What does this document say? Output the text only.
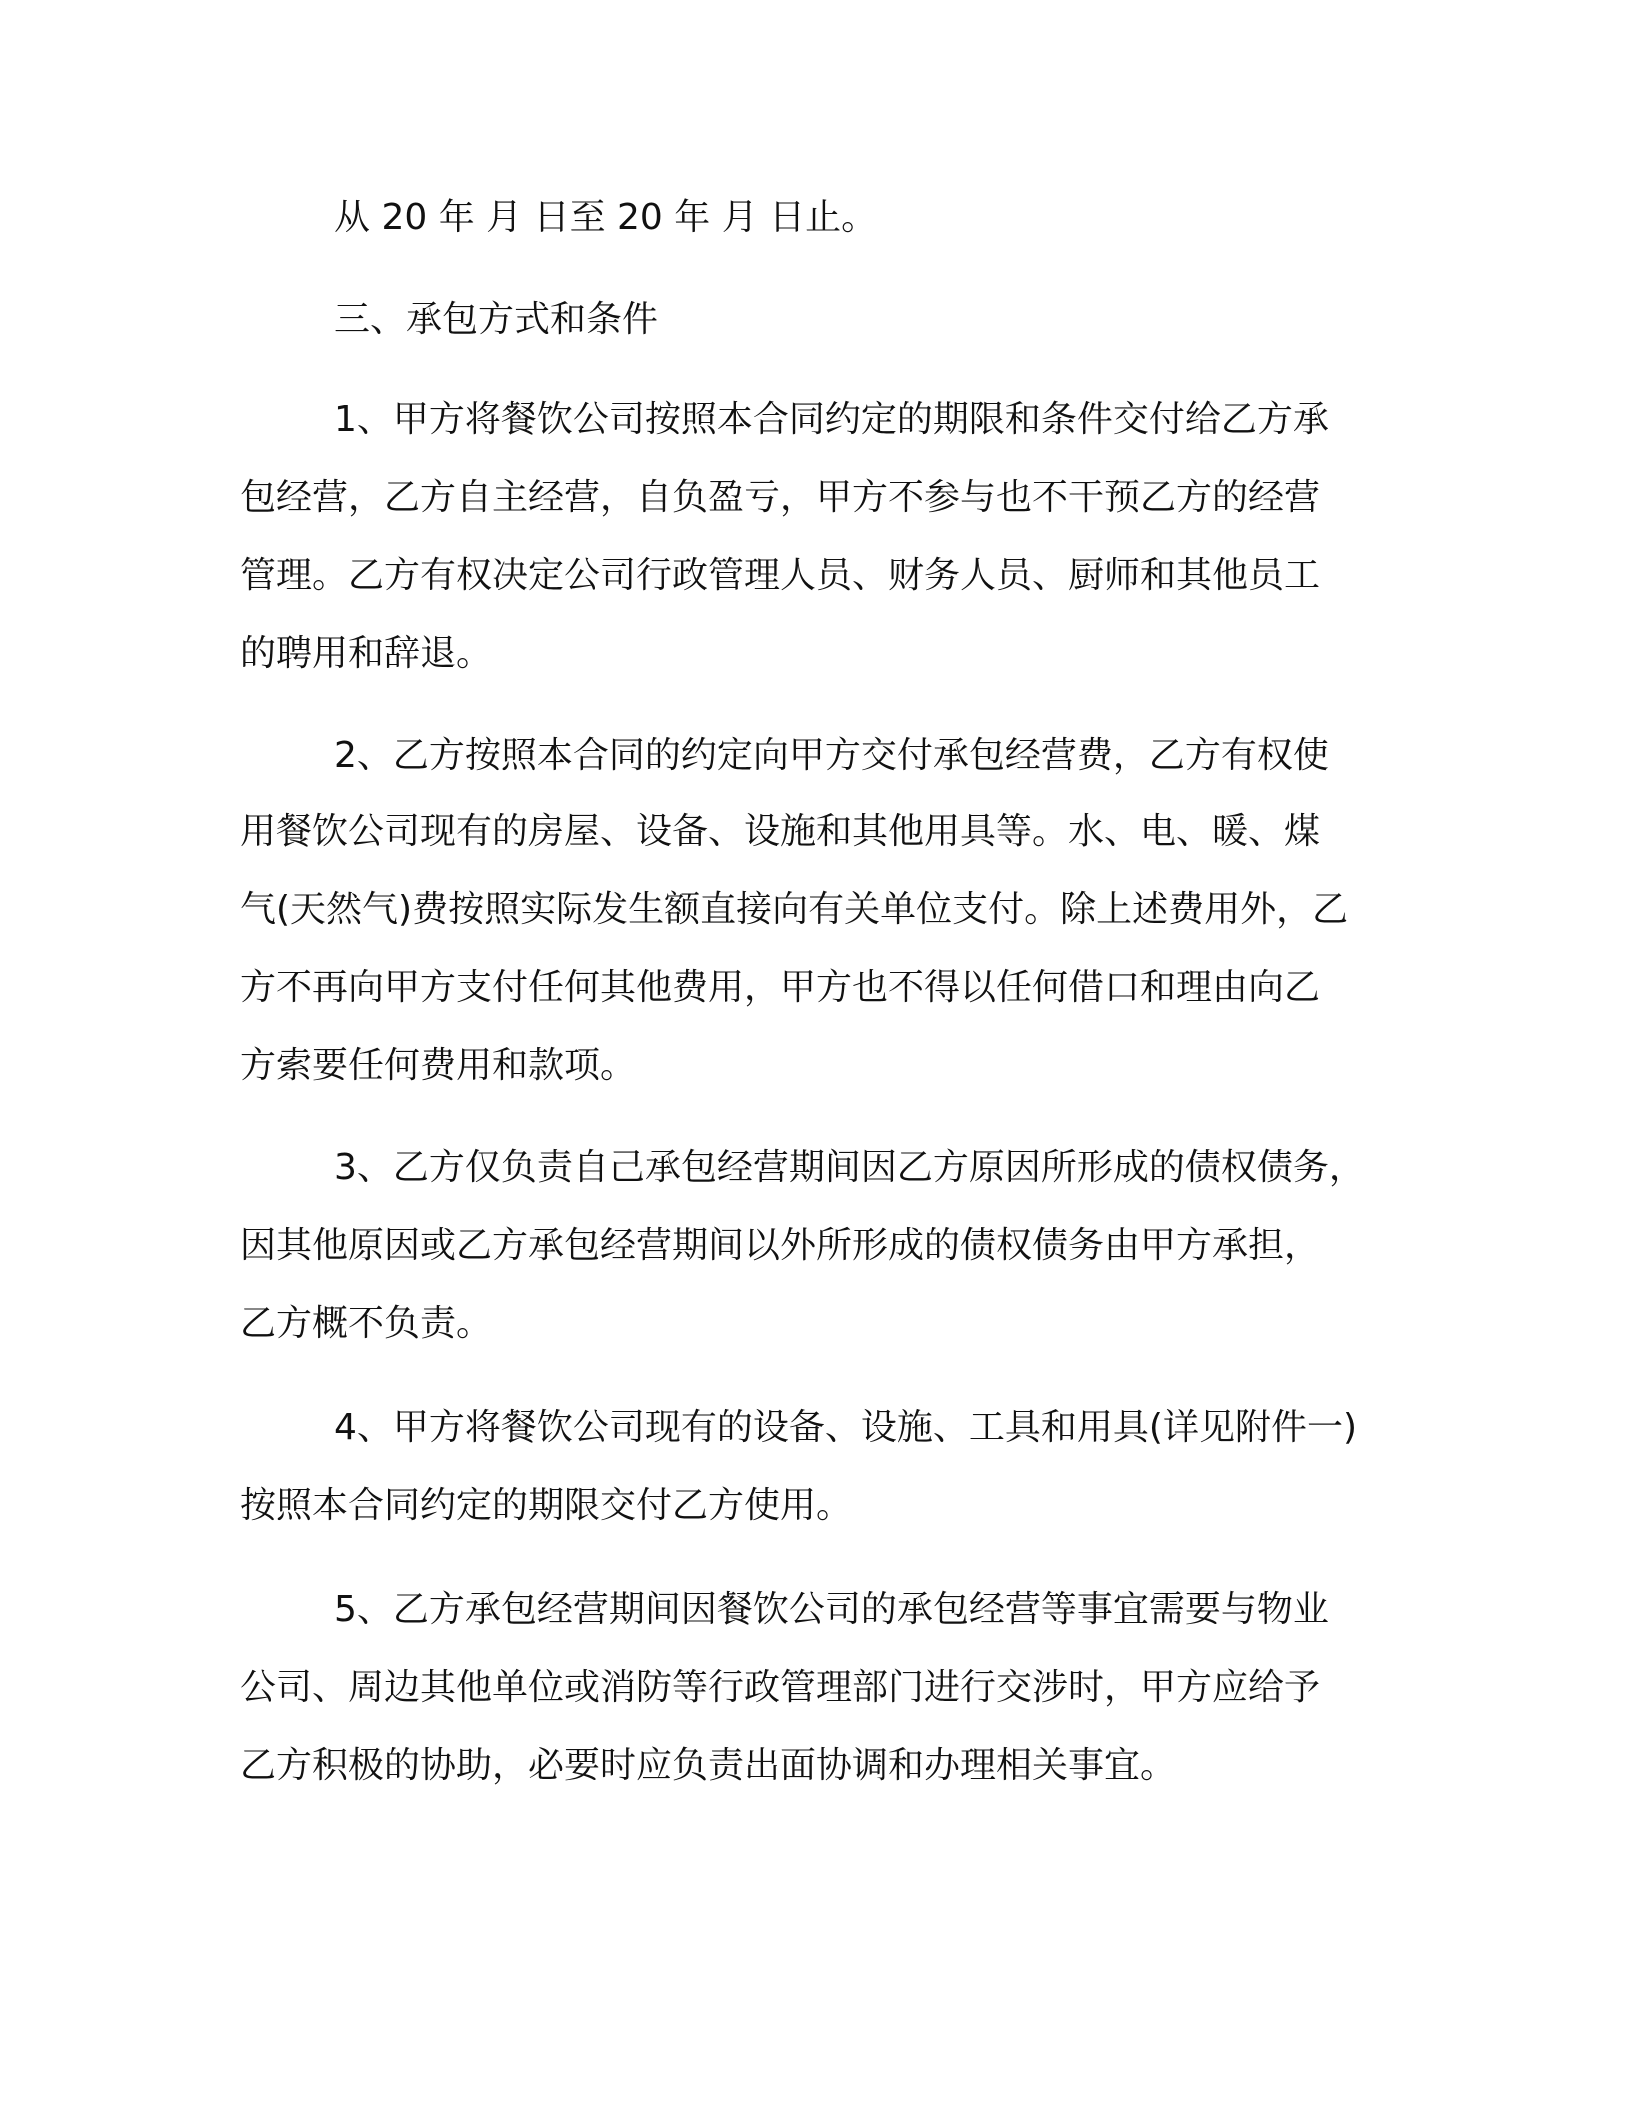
从 20 年 月 日至 20 年 月 日止。
三、承包方式和条件
1、甲方将餐饮公司按照本合同约定的期限和条件交付给乙方承
包经营，乙方自主经营，自负盈亏，甲方不参与也不干预乙方的经营
管理。乙方有权决定公司行政管理人员、财务人员、厨师和其他员工
的聘用和辞退。
2、乙方按照本合同的约定向甲方交付承包经营费，乙方有权使
用餐饮公司现有的房屋、设备、设施和其他用具等。水、电、暖、煤
气(天然气)费按照实际发生额直接向有关单位支付。除上述费用外，乙
方不再向甲方支付任何其他费用，甲方也不得以任何借口和理由向乙
方索要任何费用和款项。
3、乙方仅负责自己承包经营期间因乙方原因所形成的债权债务，
因其他原因或乙方承包经营期间以外所形成的债权债务由甲方承担，
乙方概不负责。
4、甲方将餐饮公司现有的设备、设施、工具和用具(详见附件一)
按照本合同约定的期限交付乙方使用。
5、乙方承包经营期间因餐饮公司的承包经营等事宜需要与物业
公司、周边其他单位或消防等行政管理部门进行交涉时，甲方应给予
乙方积极的协助，必要时应负责出面协调和办理相关事宜。
